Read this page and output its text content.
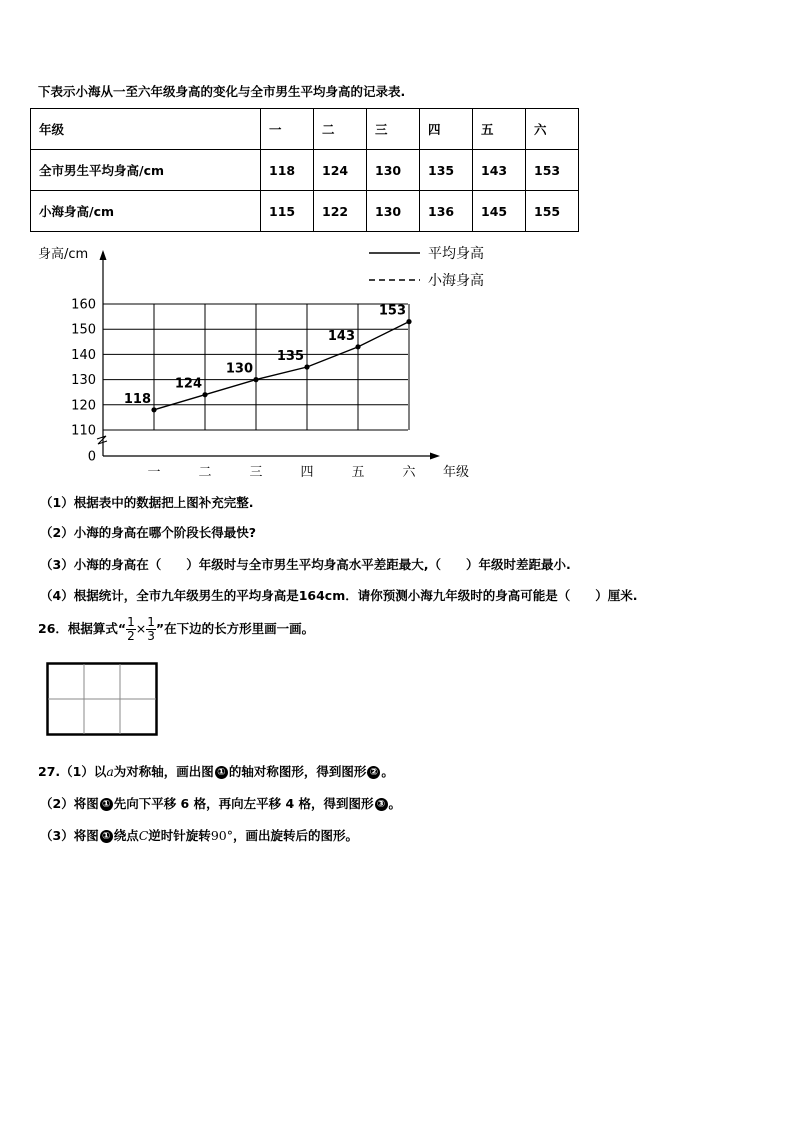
下表示小海从一至六年级身高的变化与全市男生平均身高的记录表.
年级	一	二	三	四	五	六
全市男生平均身高/cm	118	124	130	135	143	153
小海身高/cm	115	122	130	136	145	155
160
150
140
130
120
110
0
身高/cm
一	二	三	四	五	六 年级
118
124
130
135
143
153
平均身高
小海身高
（1）根据表中的数据把上图补充完整.
（2）小海的身高在哪个阶段长得最快?
（3）小海的身高在（　　）年级时与全市男生平均身高水平差距最大,（　　）年级时差距最小.
（4）根据统计，全市九年级男生的平均身高是164cm．请你预测小海九年级时的身高可能是（　　）厘米.
26．根据算式“ $\frac{1}{2} \times \frac{1}{3}$ ”在下边的长方形里画一画。
27.（1）以a为对称轴，画出图 ① 的轴对称图形，得到图形 ② 。
（2）将图 ① 先向下平移 6 格，再向左平移 4 格，得到图形 ③ 。
（3）将图 ① 绕点C逆时针旋转90°，画出旋转后的图形。
